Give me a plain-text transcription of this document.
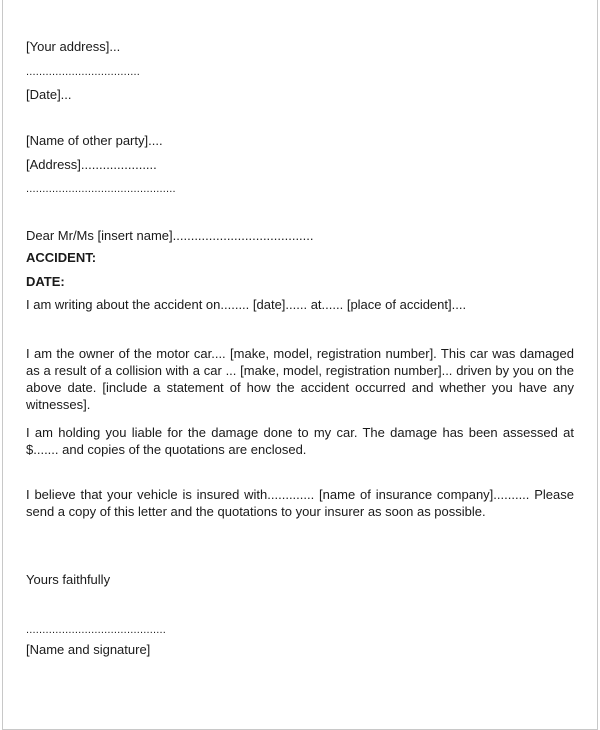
[Your address]...

...................................

[Date]...

[Name of other party]....

[Address].....................

..............................................

Dear Mr/Ms [insert name].......................................

ACCIDENT:

DATE:

I am writing about the accident on........ [date]...... at...... [place of accident]....

I am the owner of the motor car.... [make, model, registration number]. This car was damaged as a result of a collision with a car ... [make, model, registration number]... driven by you on the above date. [include a statement of how the accident occurred and whether you have any witnesses].

I am holding you liable for the damage done to my car. The damage has been assessed at $....... and copies of the quotations are enclosed.

I believe that your vehicle is insured with............. [name of insurance company].......... Please send a copy of this letter and the quotations to your insurer as soon as possible.

Yours faithfully

...........................................

[Name and signature]
